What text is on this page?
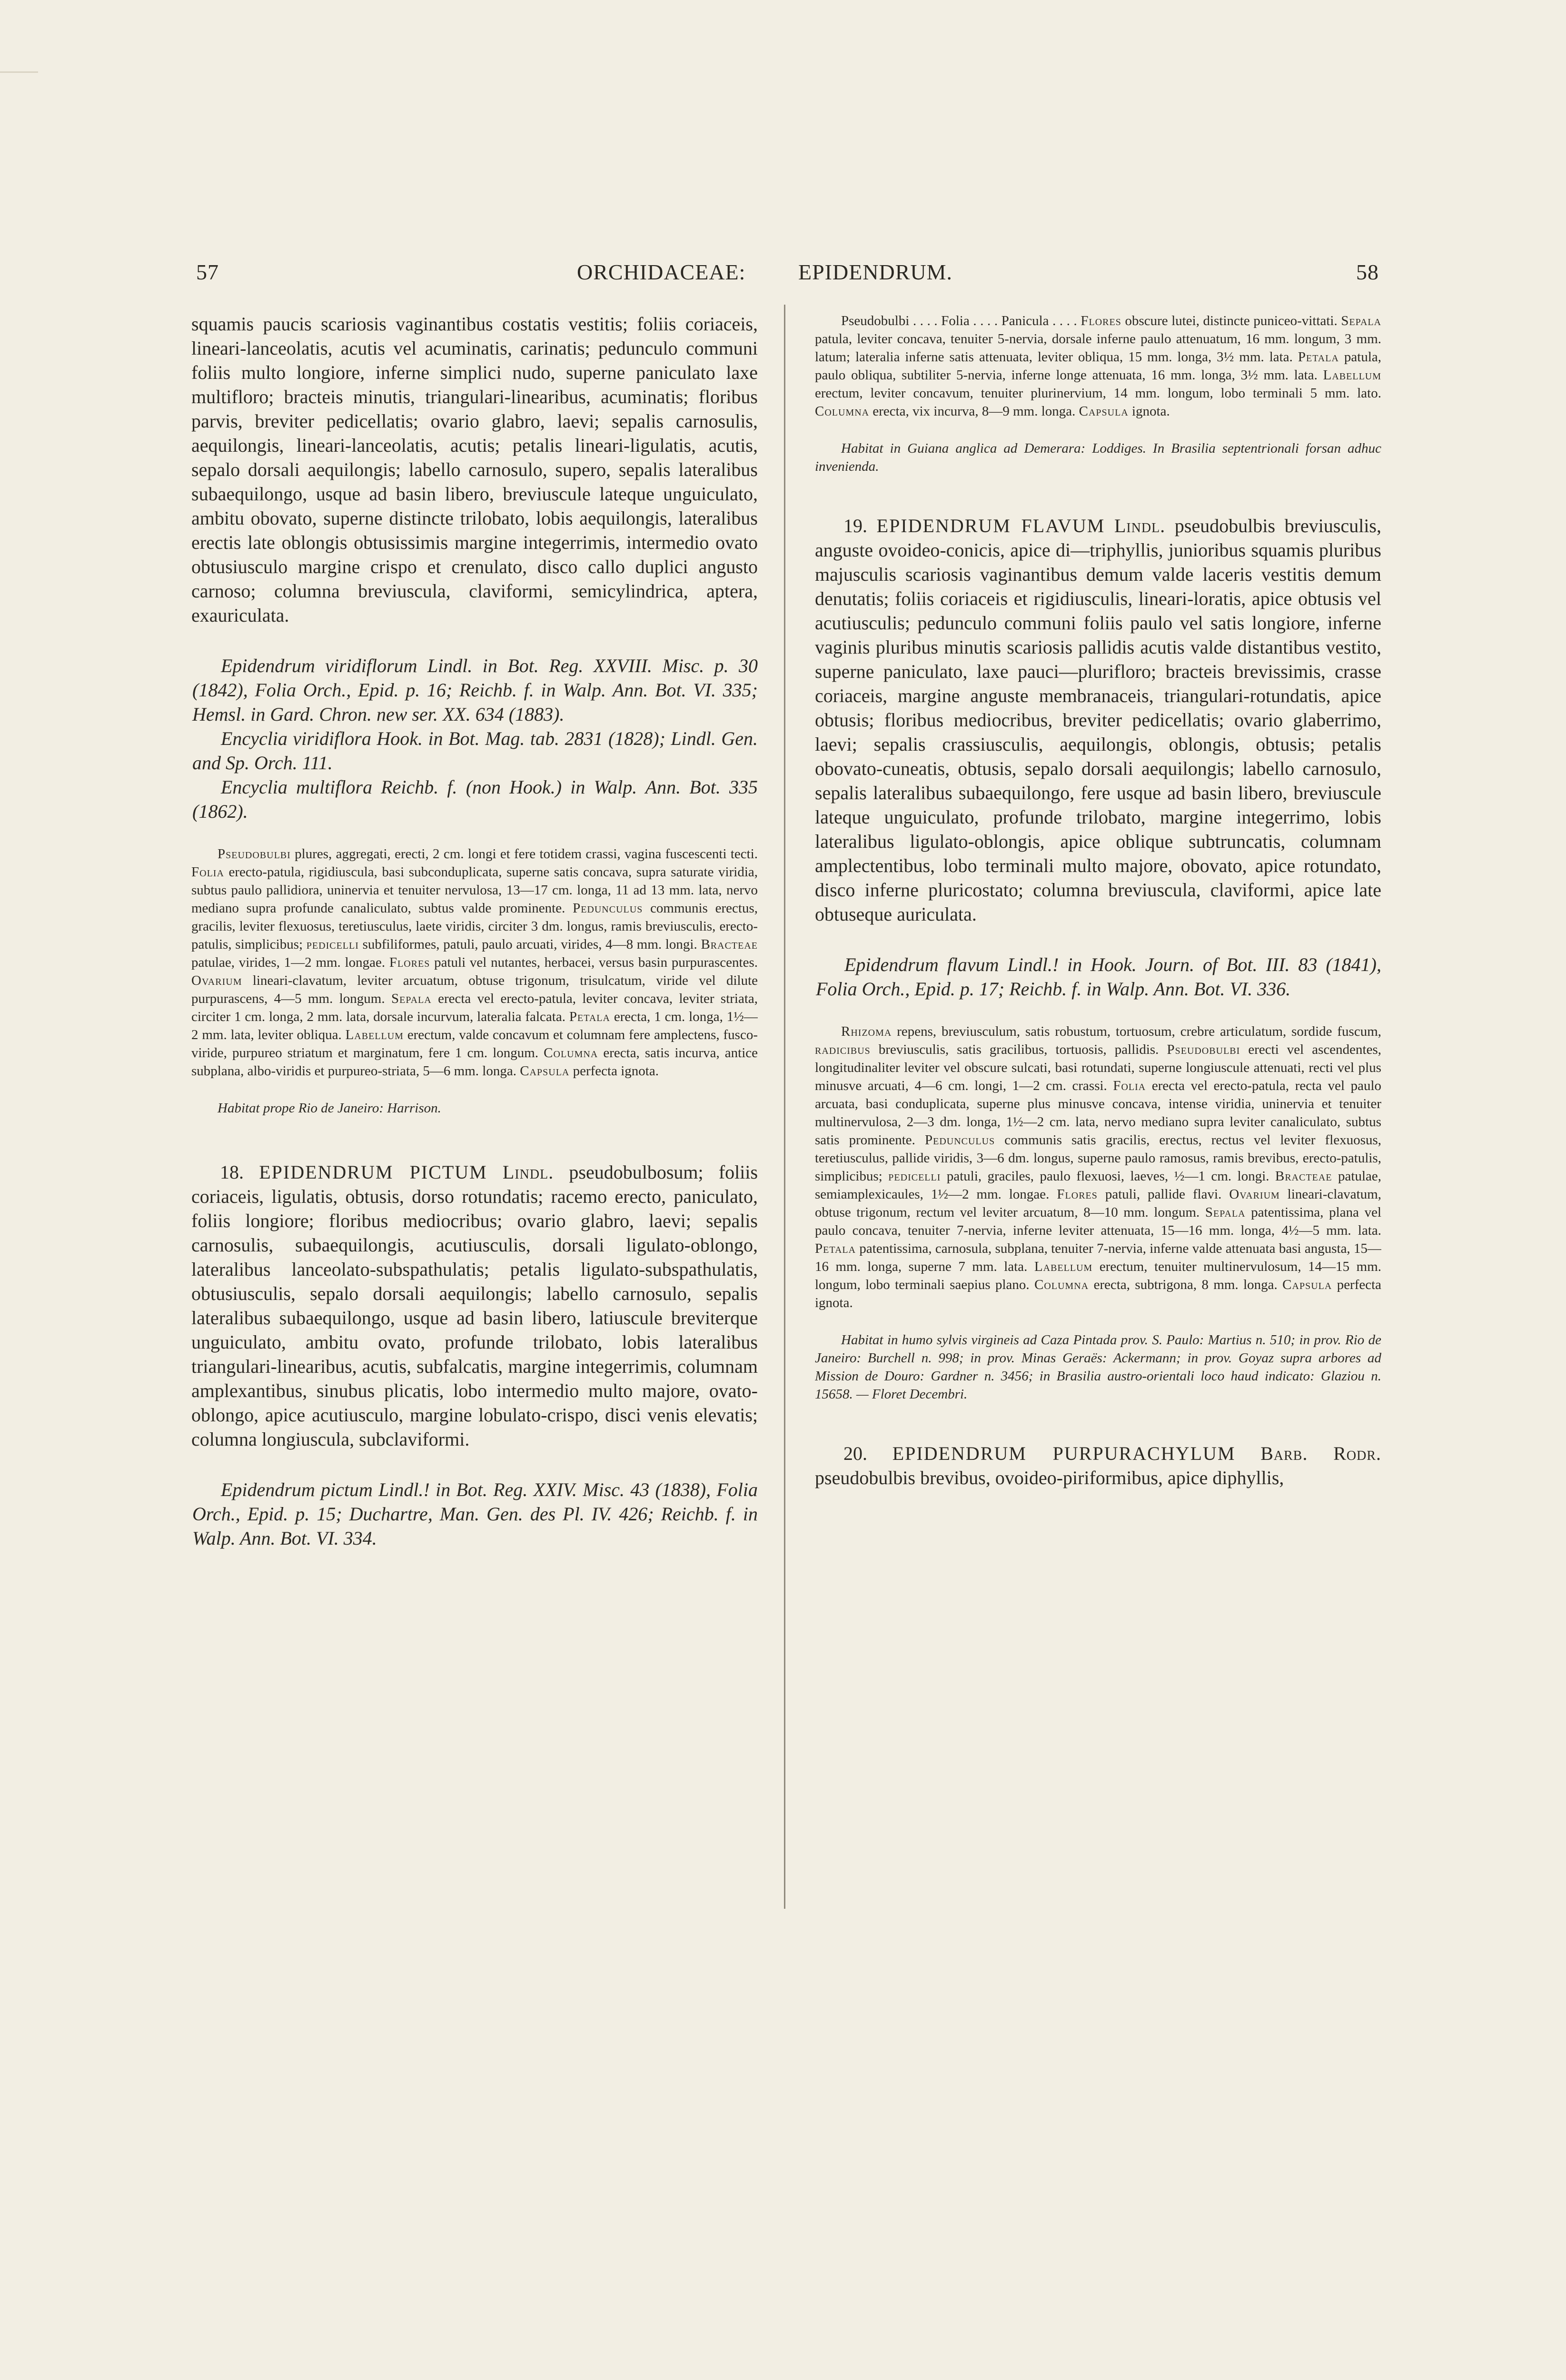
57	ORCHIDACEAE: EPIDENDRUM.	58

squamis paucis scariosis vaginantibus costatis vestitis; foliis coriaceis, lineari-lanceolatis, acutis vel acuminatis, carinatis; pedunculo communi foliis multo longiore, inferne simplici nudo, superne paniculato laxe multifloro; bracteis minutis, triangulari-linearibus, acuminatis; floribus parvis, breviter pedicellatis; ovario glabro, laevi; sepalis carnosulis, aequilongis, lineari-lanceolatis, acutis; petalis lineari-ligulatis, acutis, sepalo dorsali aequilongis; labello carnosulo, supero, sepalis lateralibus subaequilongo, usque ad basin libero, breviuscule lateque unguiculato, ambitu obovato, superne distincte trilobato, lobis aequilongis, lateralibus erectis late oblongis obtusissimis margine integerrimis, intermedio ovato obtusiusculo margine crispo et crenulato, disco callo duplici angusto carnoso; columna breviuscula, claviformi, semicylindrica, aptera, exauriculata.

Epidendrum viridiflorum Lindl. in Bot. Reg. XXVIII. Misc. p. 30 (1842), Folia Orch., Epid. p. 16; Reichb. f. in Walp. Ann. Bot. VI. 335; Hemsl. in Gard. Chron. new ser. XX. 634 (1883).
Encyclia viridiflora Hook. in Bot. Mag. tab. 2831 (1828); Lindl. Gen. and Sp. Orch. 111.
Encyclia multiflora Reichb. f. (non Hook.) in Walp. Ann. Bot. 335 (1862).

Pseudobulbi plures, aggregati, erecti, 2 cm. longi et fere totidem crassi, vagina fuscescenti tecti. Folia erecto-patula, rigidiuscula, basi subconduplicata, superne satis concava, supra saturate viridia, subtus paulo pallidiora, uninervia et tenuiter nervulosa, 13—17 cm. longa, 11 ad 13 mm. lata, nervo mediano supra profunde canaliculato, subtus valde prominente. Pedunculus communis erectus, gracilis, leviter flexuosus, teretiusculus, laete viridis, circiter 3 dm. longus, ramis breviusculis, erecto-patulis, simplicibus; pedicelli subfiliformes, patuli, paulo arcuati, virides, 4—8 mm. longi. Bracteae patulae, virides, 1—2 mm. longae. Flores patuli vel nutantes, herbacei, versus basin purpurascentes. Ovarium lineari-clavatum, leviter arcuatum, obtuse trigonum, trisulcatum, viride vel dilute purpurascens, 4—5 mm. longum. Sepala erecta vel erecto-patula, leviter concava, leviter striata, circiter 1 cm. longa, 2 mm. lata, dorsale incurvum, lateralia falcata. Petala erecta, 1 cm. longa, 1½—2 mm. lata, leviter obliqua. Labellum erectum, valde concavum et columnam fere amplectens, fusco-viride, purpureo striatum et marginatum, fere 1 cm. longum. Columna erecta, satis incurva, antice subplana, albo-viridis et purpureo-striata, 5—6 mm. longa. Capsula perfecta ignota.

Habitat prope Rio de Janeiro: Harrison.

18. EPIDENDRUM PICTUM Lindl. pseudobulbosum; foliis coriaceis, ligulatis, obtusis, dorso rotundatis; racemo erecto, paniculato, foliis longiore; floribus mediocribus; ovario glabro, laevi; sepalis carnosulis, subaequilongis, acutiusculis, dorsali ligulato-oblongo, lateralibus lanceolato-subspathulatis; petalis ligulato-subspathulatis, obtusiusculis, sepalo dorsali aequilongis; labello carnosulo, sepalis lateralibus subaequilongo, usque ad basin libero, latiuscule breviterque unguiculato, ambitu ovato, profunde trilobato, lobis lateralibus triangulari-linearibus, acutis, subfalcatis, margine integerrimis, columnam amplexantibus, sinubus plicatis, lobo intermedio multo majore, ovato-oblongo, apice acutiusculo, margine lobulato-crispo, disci venis elevatis; columna longiuscula, subclaviformi.

Epidendrum pictum Lindl.! in Bot. Reg. XXIV. Misc. 43 (1838), Folia Orch., Epid. p. 15; Duchartre, Man. Gen. des Pl. IV. 426; Reichb. f. in Walp. Ann. Bot. VI. 334.

Pseudobulbi . . . . Folia . . . . Panicula . . . . Flores obscure lutei, distincte puniceo-vittati. Sepala patula, leviter concava, tenuiter 5-nervia, dorsale inferne paulo attenuatum, 16 mm. longum, 3 mm. latum; lateralia inferne satis attenuata, leviter obliqua, 15 mm. longa, 3½ mm. lata. Petala patula, paulo obliqua, subtiliter 5-nervia, inferne longe attenuata, 16 mm. longa, 3½ mm. lata. Labellum erectum, leviter concavum, tenuiter plurinervium, 14 mm. longum, lobo terminali 5 mm. lato. Columna erecta, vix incurva, 8—9 mm. longa. Capsula ignota.

Habitat in Guiana anglica ad Demerara: Loddiges. In Brasilia septentrionali forsan adhuc invenienda.

19. EPIDENDRUM FLAVUM Lindl. pseudobulbis breviusculis, anguste ovoideo-conicis, apice di—triphyllis, junioribus squamis pluribus majusculis scariosis vaginantibus demum valde laceris vestitis demum denutatis; foliis coriaceis et rigidiusculis, lineari-loratis, apice obtusis vel acutiusculis; pedunculo communi foliis paulo vel satis longiore, inferne vaginis pluribus minutis scariosis pallidis acutis valde distantibus vestito, superne paniculato, laxe pauci—plurifloro; bracteis brevissimis, crasse coriaceis, margine anguste membranaceis, triangulari-rotundatis, apice obtusis; floribus mediocribus, breviter pedicellatis; ovario glaberrimo, laevi; sepalis crassiusculis, aequilongis, oblongis, obtusis; petalis obovato-cuneatis, obtusis, sepalo dorsali aequilongis; labello carnosulo, sepalis lateralibus subaequilongo, fere usque ad basin libero, breviuscule lateque unguiculato, profunde trilobato, margine integerrimo, lobis lateralibus ligulato-oblongis, apice oblique subtruncatis, columnam amplectentibus, lobo terminali multo majore, obovato, apice rotundato, disco inferne pluricostato; columna breviuscula, claviformi, apice late obtuseque auriculata.

Epidendrum flavum Lindl.! in Hook. Journ. of Bot. III. 83 (1841), Folia Orch., Epid. p. 17; Reichb. f. in Walp. Ann. Bot. VI. 336.

Rhizoma repens, breviusculum, satis robustum, tortuosum, crebre articulatum, sordide fuscum, radicibus breviusculis, satis gracilibus, tortuosis, pallidis. Pseudobulbi erecti vel ascendentes, longitudinaliter leviter vel obscure sulcati, basi rotundati, superne longiuscule attenuati, recti vel plus minusve arcuati, 4—6 cm. longi, 1—2 cm. crassi. Folia erecta vel erecto-patula, recta vel paulo arcuata, basi conduplicata, superne plus minusve concava, intense viridia, uninervia et tenuiter multinervulosa, 2—3 dm. longa, 1½—2 cm. lata, nervo mediano supra leviter canaliculato, subtus satis prominente. Pedunculus communis satis gracilis, erectus, rectus vel leviter flexuosus, teretiusculus, pallide viridis, 3—6 dm. longus, superne paulo ramosus, ramis brevibus, erecto-patulis, simplicibus; pedicelli patuli, graciles, paulo flexuosi, laeves, ½—1 cm. longi. Bracteae patulae, semiamplexicaules, 1½—2 mm. longae. Flores patuli, pallide flavi. Ovarium lineari-clavatum, obtuse trigonum, rectum vel leviter arcuatum, 8—10 mm. longum. Sepala patentissima, plana vel paulo concava, tenuiter 7-nervia, inferne leviter attenuata, 15—16 mm. longa, 4½—5 mm. lata. Petala patentissima, carnosula, subplana, tenuiter 7-nervia, inferne valde attenuata basi angusta, 15—16 mm. longa, superne 7 mm. lata. Labellum erectum, tenuiter multinervulosum, 14—15 mm. longum, lobo terminali saepius plano. Columna erecta, subtrigona, 8 mm. longa. Capsula perfecta ignota.

Habitat in humo sylvis virgineis ad Caza Pintada prov. S. Paulo: Martius n. 510; in prov. Rio de Janeiro: Burchell n. 998; in prov. Minas Geraës: Ackermann; in prov. Goyaz supra arbores ad Mission de Douro: Gardner n. 3456; in Brasilia austro-orientali loco haud indicato: Glaziou n. 15658. — Floret Decembri.

20. EPIDENDRUM PURPURACHYLUM Barb. Rodr. pseudobulbis brevibus, ovoideo-piriformibus, apice diphyllis,
